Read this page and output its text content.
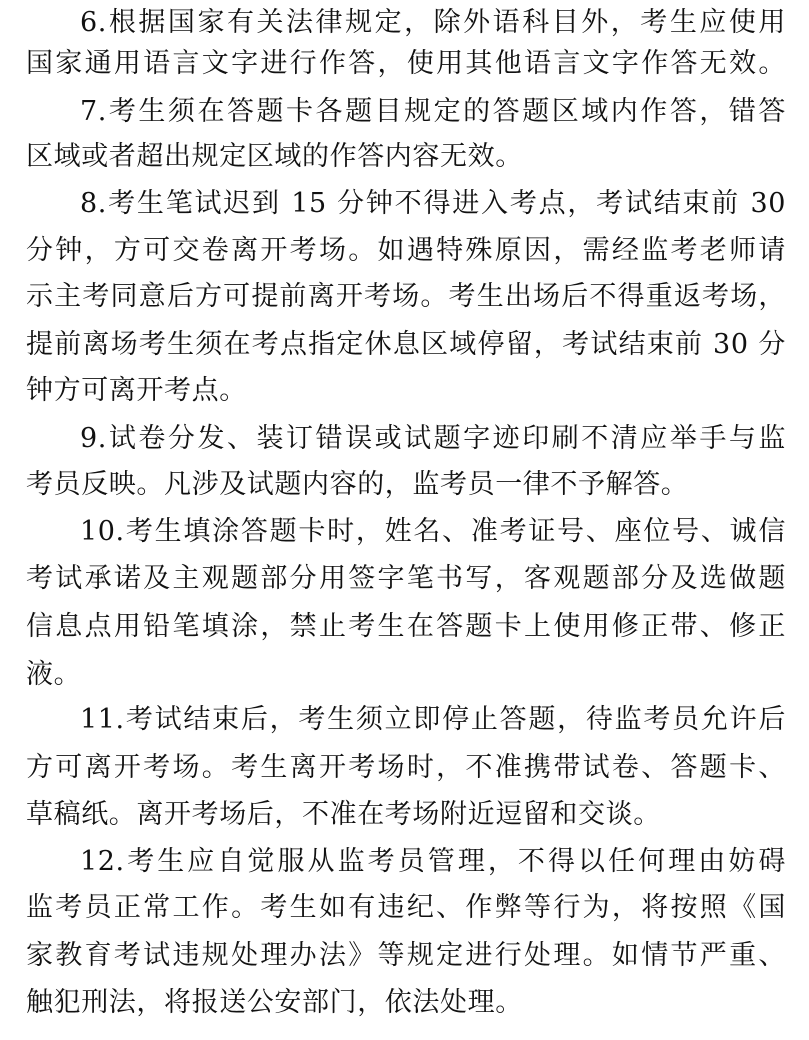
6.根据国家有关法律规定，除外语科目外，考生应使用
国家通用语言文字进行作答，使用其他语言文字作答无效。
7.考生须在答题卡各题目规定的答题区域内作答，错答
区域或者超出规定区域的作答内容无效。
8.考生笔试迟到 15 分钟不得进入考点，考试结束前 30
分钟，方可交卷离开考场。如遇特殊原因，需经监考老师请
示主考同意后方可提前离开考场。考生出场后不得重返考场，
提前离场考生须在考点指定休息区域停留，考试结束前 30 分
钟方可离开考点。
9.试卷分发、装订错误或试题字迹印刷不清应举手与监
考员反映。凡涉及试题内容的，监考员一律不予解答。
10.考生填涂答题卡时，姓名、准考证号、座位号、诚信
考试承诺及主观题部分用签字笔书写，客观题部分及选做题
信息点用铅笔填涂，禁止考生在答题卡上使用修正带、修正
液。
11.考试结束后，考生须立即停止答题，待监考员允许后
方可离开考场。考生离开考场时，不准携带试卷、答题卡、
草稿纸。离开考场后，不准在考场附近逗留和交谈。
12.考生应自觉服从监考员管理，不得以任何理由妨碍
监考员正常工作。考生如有违纪、作弊等行为，将按照《国
家教育考试违规处理办法》等规定进行处理。如情节严重、
触犯刑法，将报送公安部门，依法处理。
